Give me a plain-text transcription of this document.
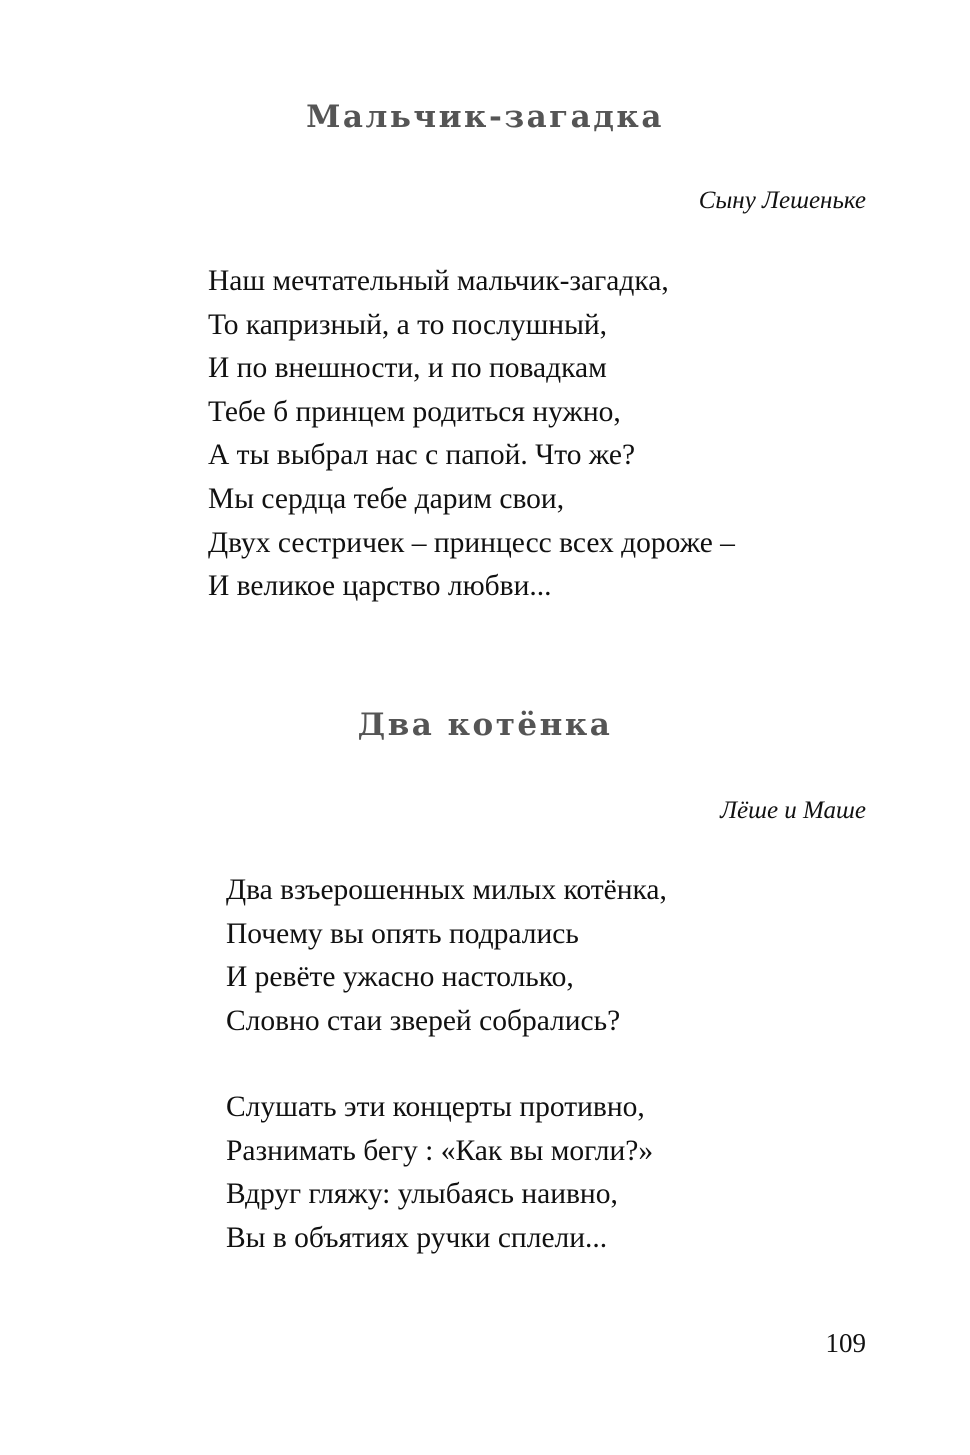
Мальчик-загадка
Сыну Лешеньке
Наш мечтательный мальчик-загадка,
То капризный, а то послушный,
И по внешности, и по повадкам
Тебе б принцем родиться нужно,
А ты выбрал нас с папой. Что же?
Мы сердца тебе дарим свои,
Двух сестричек – принцесс всех дороже –
И великое царство любви...
Два котёнка
Лёше и Маше
Два взъерошенных милых котёнка,
Почему вы опять подрались
И ревёте ужасно настолько,
Словно стаи зверей собрались?
Слушать эти концерты противно,
Разнимать бегу : «Как вы могли?»
Вдруг гляжу: улыбаясь наивно,
Вы в объятиях ручки сплели...
109
